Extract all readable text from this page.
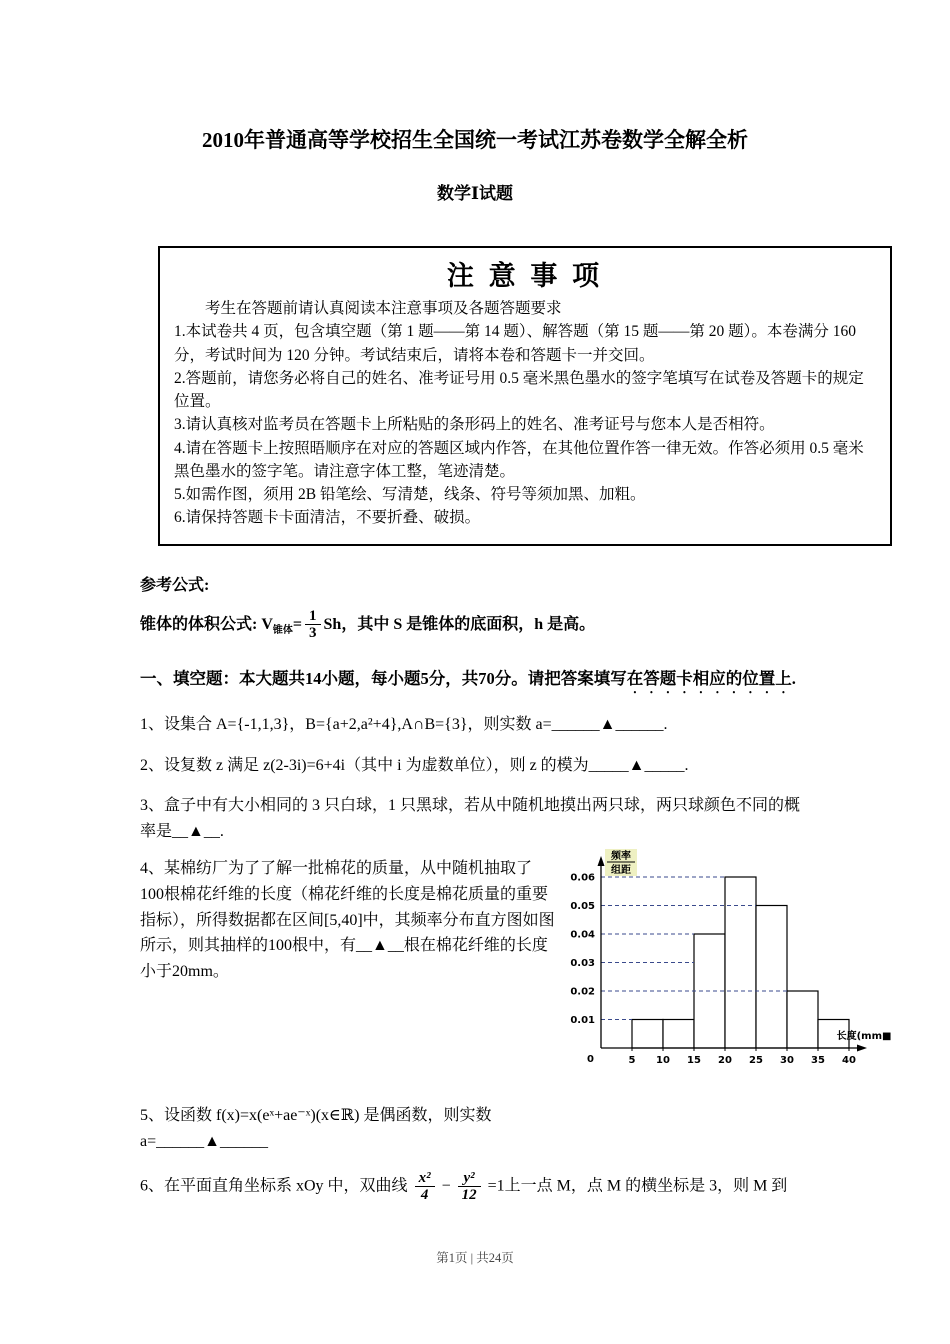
2010年普通高等学校招生全国统一考试江苏卷数学全解全析
数学Ⅰ试题
注 意 事 项

考生在答题前请认真阅读本注意事项及各题答题要求

1.本试卷共 4 页，包含填空题（第 1 题——第 14 题）、解答题（第 15 题——第 20 题）。本卷满分 160 分，考试时间为 120 分钟。考试结束后，请将本卷和答题卡一并交回。

2.答题前，请您务必将自己的姓名、准考证号用 0.5 毫米黑色墨水的签字笔填写在试卷及答题卡的规定位置。

3.请认真核对监考员在答题卡上所粘贴的条形码上的姓名、准考证号与您本人是否相符。

4.请在答题卡上按照晤顺序在对应的答题区域内作答，在其他位置作答一律无效。作答必须用 0.5 毫米黑色墨水的签字笔。请注意字体工整，笔迹清楚。

5.如需作图，须用 2B 铅笔绘、写清楚，线条、符号等须加黑、加粗。

6.请保持答题卡卡面清洁，不要折叠、破损。

参考公式:

锥体的体积公式: $V_{锥体}= \frac{1}{3}$ Sh，其中 S 是锥体的底面积，h 是高。

一、填空题：本大题共14小题，每小题5分，共70分。请把答案填写在答题卡相应的位置上.

1、设集合 A={-1,1,3}，B={a+2,a²+4},A∩B={3}，则实数 a=______▲______.

2、设复数 z 满足 z(2-3i)=6+4i（其中 i 为虚数单位），则 z 的模为_____▲_____.

3、盒子中有大小相同的 3 只白球，1 只黑球，若从中随机地摸出两只球，两只球颜色不同的概率是__▲__.

4、某棉纺厂为了了解一批棉花的质量，从中随机抽取了100根棉花纤维的长度（棉花纤维的长度是棉花质量的重要指标），所得数据都在区间[5,40]中，其频率分布直方图如图所示，则其抽样的100根中，有__▲__根在棉花纤维的长度小于20mm。

0.01
0.02
0.03
0.04
0.05
0.06
5 10 15 20 25 30 35 40
0
频率
组距
长度(mm■

5、设函数 f(x)=x(eˣ+ae⁻ˣ)(x∈ℝ) 是偶函数，则实数
a=______▲______

6、在平面直角坐标系 xOy 中，双曲线 $\frac{\text{x²}}{4} - \frac{\text{y²}}{12} =1$上一点 M，点 M 的横坐标是 3，则 M 到

第1页 | 共24页
